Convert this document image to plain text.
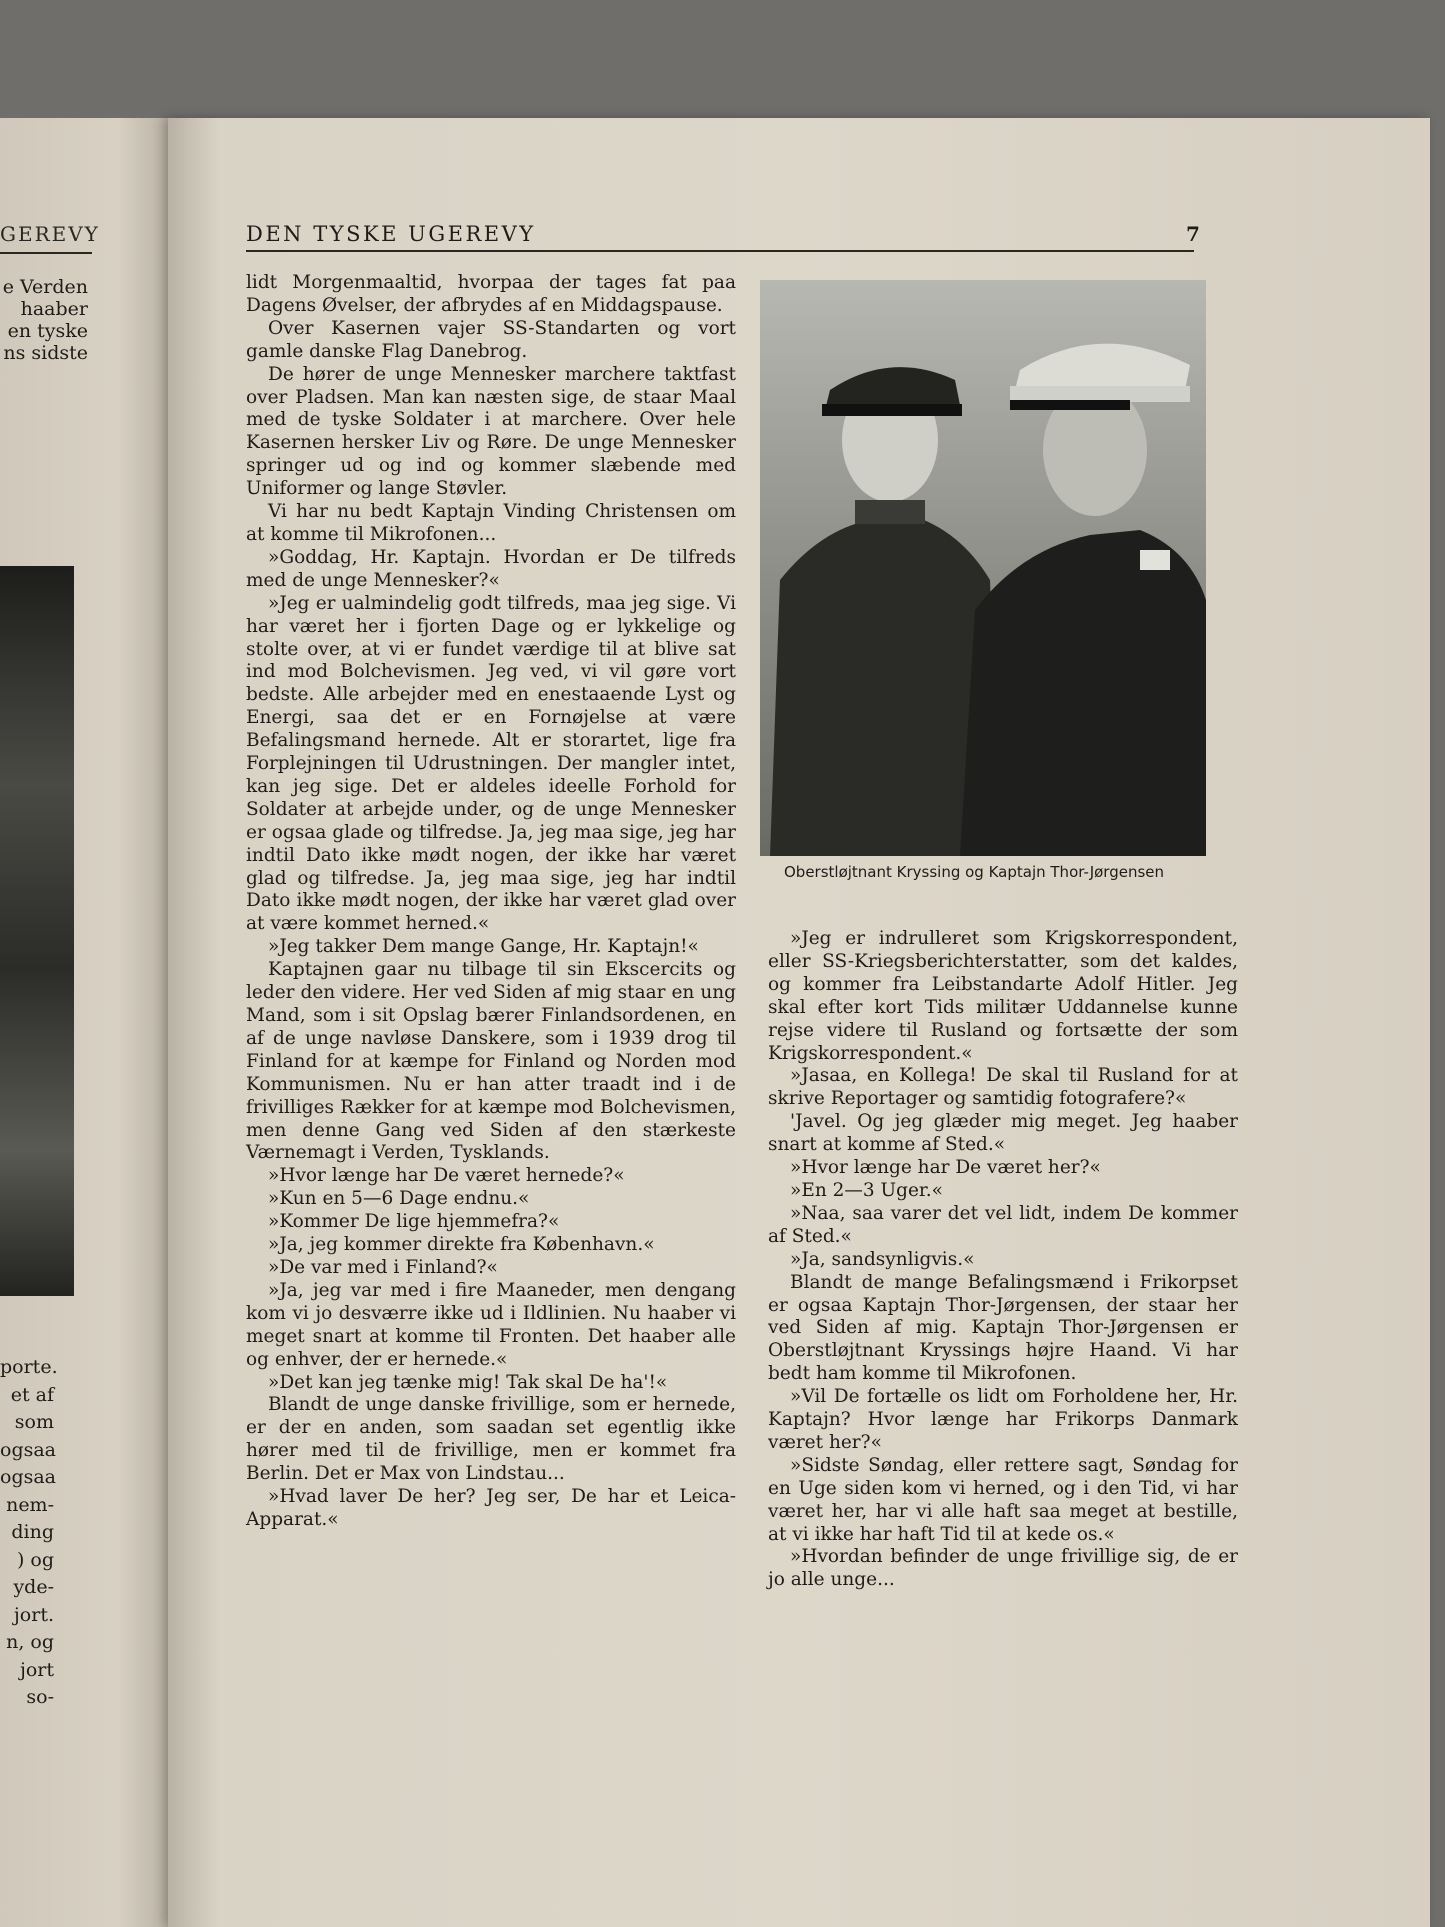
GEREVY
e Verden
haaber
en tyske
ns sidste
porte.
et af
som
ogsaa
ogsaa
nem-
ding
) og
yde-
jort.
n, og
jort
so-
DEN TYSKE UGEREVY	7

lidt Morgenmaaltid, hvorpaa der tages fat paa Dagens Øvelser, der afbrydes af en Middagspause.

Over Kasernen vajer SS-Standarten og vort gamle danske Flag Danebrog.

De hører de unge Mennesker marchere taktfast over Pladsen. Man kan næsten sige, de staar Maal med de tyske Soldater i at marchere. Over hele Kasernen hersker Liv og Røre. De unge Mennesker springer ud og ind og kommer slæbende med Uniformer og lange Støvler.

Vi har nu bedt Kaptajn Vinding Christensen om at komme til Mikrofonen...

»Goddag, Hr. Kaptajn. Hvordan er De tilfreds med de unge Mennesker?«

»Jeg er ualmindelig godt tilfreds, maa jeg sige. Vi har været her i fjorten Dage og er lykkelige og stolte over, at vi er fundet værdige til at blive sat ind mod Bolchevismen. Jeg ved, vi vil gøre vort bedste. Alle arbejder med en enestaaende Lyst og Energi, saa det er en Fornøjelse at være Befalingsmand hernede. Alt er storartet, lige fra Forplejningen til Udrustningen. Der mangler intet, kan jeg sige. Det er aldeles ideelle Forhold for Soldater at arbejde under, og de unge Mennesker er ogsaa glade og tilfredse. Ja, jeg maa sige, jeg har indtil Dato ikke mødt nogen, der ikke har været glad og tilfredse. Ja, jeg maa sige, jeg har indtil Dato ikke mødt nogen, der ikke har været glad over at være kommet herned.«

»Jeg takker Dem mange Gange, Hr. Kaptajn!«

Kaptajnen gaar nu tilbage til sin Ekscercits og leder den videre. Her ved Siden af mig staar en ung Mand, som i sit Opslag bærer Finlandsordenen, en af de unge navløse Danskere, som i 1939 drog til Finland for at kæmpe for Finland og Norden mod Kommunismen. Nu er han atter traadt ind i de frivilliges Rækker for at kæmpe mod Bolchevismen, men denne Gang ved Siden af den stærkeste Værnemagt i Verden, Tysklands.

»Hvor længe har De været hernede?«

»Kun en 5—6 Dage endnu.«

»Kommer De lige hjemmefra?«

»Ja, jeg kommer direkte fra København.«

»De var med i Finland?«

»Ja, jeg var med i fire Maaneder, men dengang kom vi jo desværre ikke ud i Ildlinien. Nu haaber vi meget snart at komme til Fronten. Det haaber alle og enhver, der er hernede.«

»Det kan jeg tænke mig! Tak skal De ha'!«

Blandt de unge danske frivillige, som er hernede, er der en anden, som saadan set egentlig ikke hører med til de frivillige, men er kommet fra Berlin. Det er Max von Lindstau...

»Hvad laver De her? Jeg ser, De har et Leica-Apparat.«

Oberstløjtnant Kryssing og Kaptajn Thor-Jørgensen

»Jeg er indrulleret som Krigskorrespondent, eller SS-Kriegsberichterstatter, som det kaldes, og kommer fra Leibstandarte Adolf Hitler. Jeg skal efter kort Tids militær Uddannelse kunne rejse videre til Rusland og fortsætte der som Krigskorrespondent.«

»Jasaa, en Kollega! De skal til Rusland for at skrive Reportager og samtidig fotografere?«

'Javel. Og jeg glæder mig meget. Jeg haaber snart at komme af Sted.«

»Hvor længe har De været her?«

»En 2—3 Uger.«

»Naa, saa varer det vel lidt, indem De kommer af Sted.«

»Ja, sandsynligvis.«

Blandt de mange Befalingsmænd i Frikorpset er ogsaa Kaptajn Thor-Jørgensen, der staar her ved Siden af mig. Kaptajn Thor-Jørgensen er Oberstløjtnant Kryssings højre Haand. Vi har bedt ham komme til Mikrofonen.

»Vil De fortælle os lidt om Forholdene her, Hr. Kaptajn? Hvor længe har Frikorps Danmark været her?«

»Sidste Søndag, eller rettere sagt, Søndag for en Uge siden kom vi herned, og i den Tid, vi har været her, har vi alle haft saa meget at bestille, at vi ikke har haft Tid til at kede os.«

»Hvordan befinder de unge frivillige sig, de er jo alle unge...
